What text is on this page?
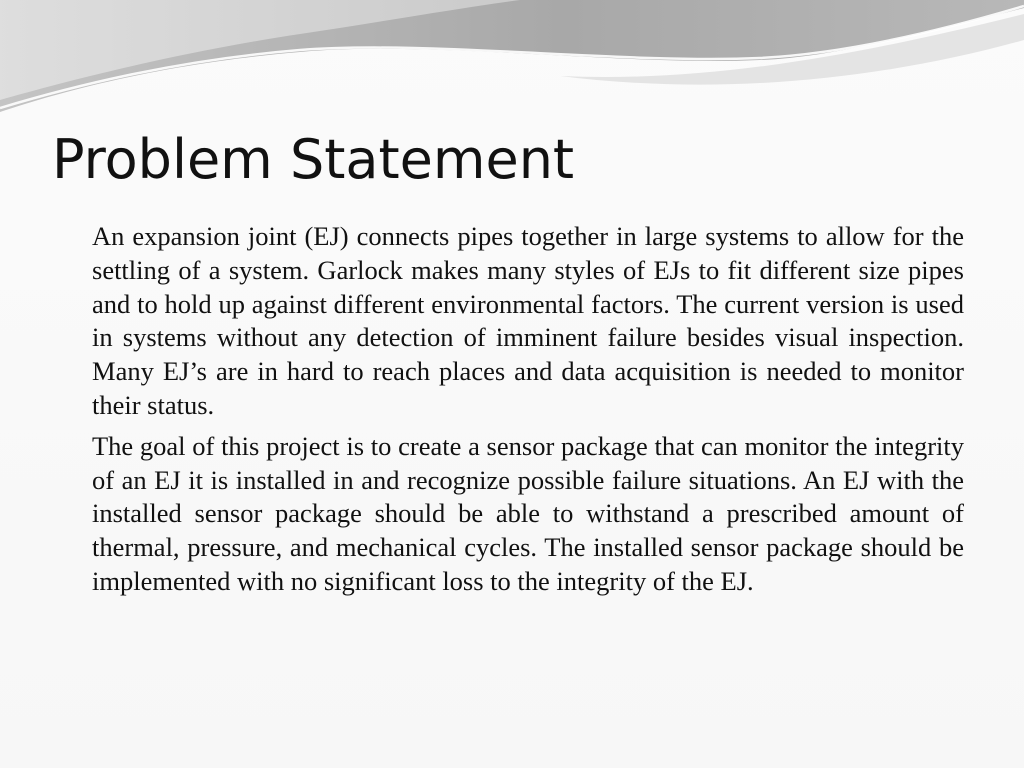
Problem Statement

An expansion joint (EJ) connects pipes together in large systems to allow for the settling of a system. Garlock makes many styles of EJs to fit different size pipes and to hold up against different environmental factors. The current version is used in systems without any detection of imminent failure besides visual inspection. Many EJ’s are in hard to reach places and data acquisition is needed to monitor their status.

The goal of this project is to create a sensor package that can monitor the integrity of an EJ it is installed in and recognize possible failure situations. An EJ with the installed sensor package should be able to withstand a prescribed amount of thermal, pressure, and mechanical cycles. The installed sensor package should be implemented with no significant loss to the integrity of the EJ.
